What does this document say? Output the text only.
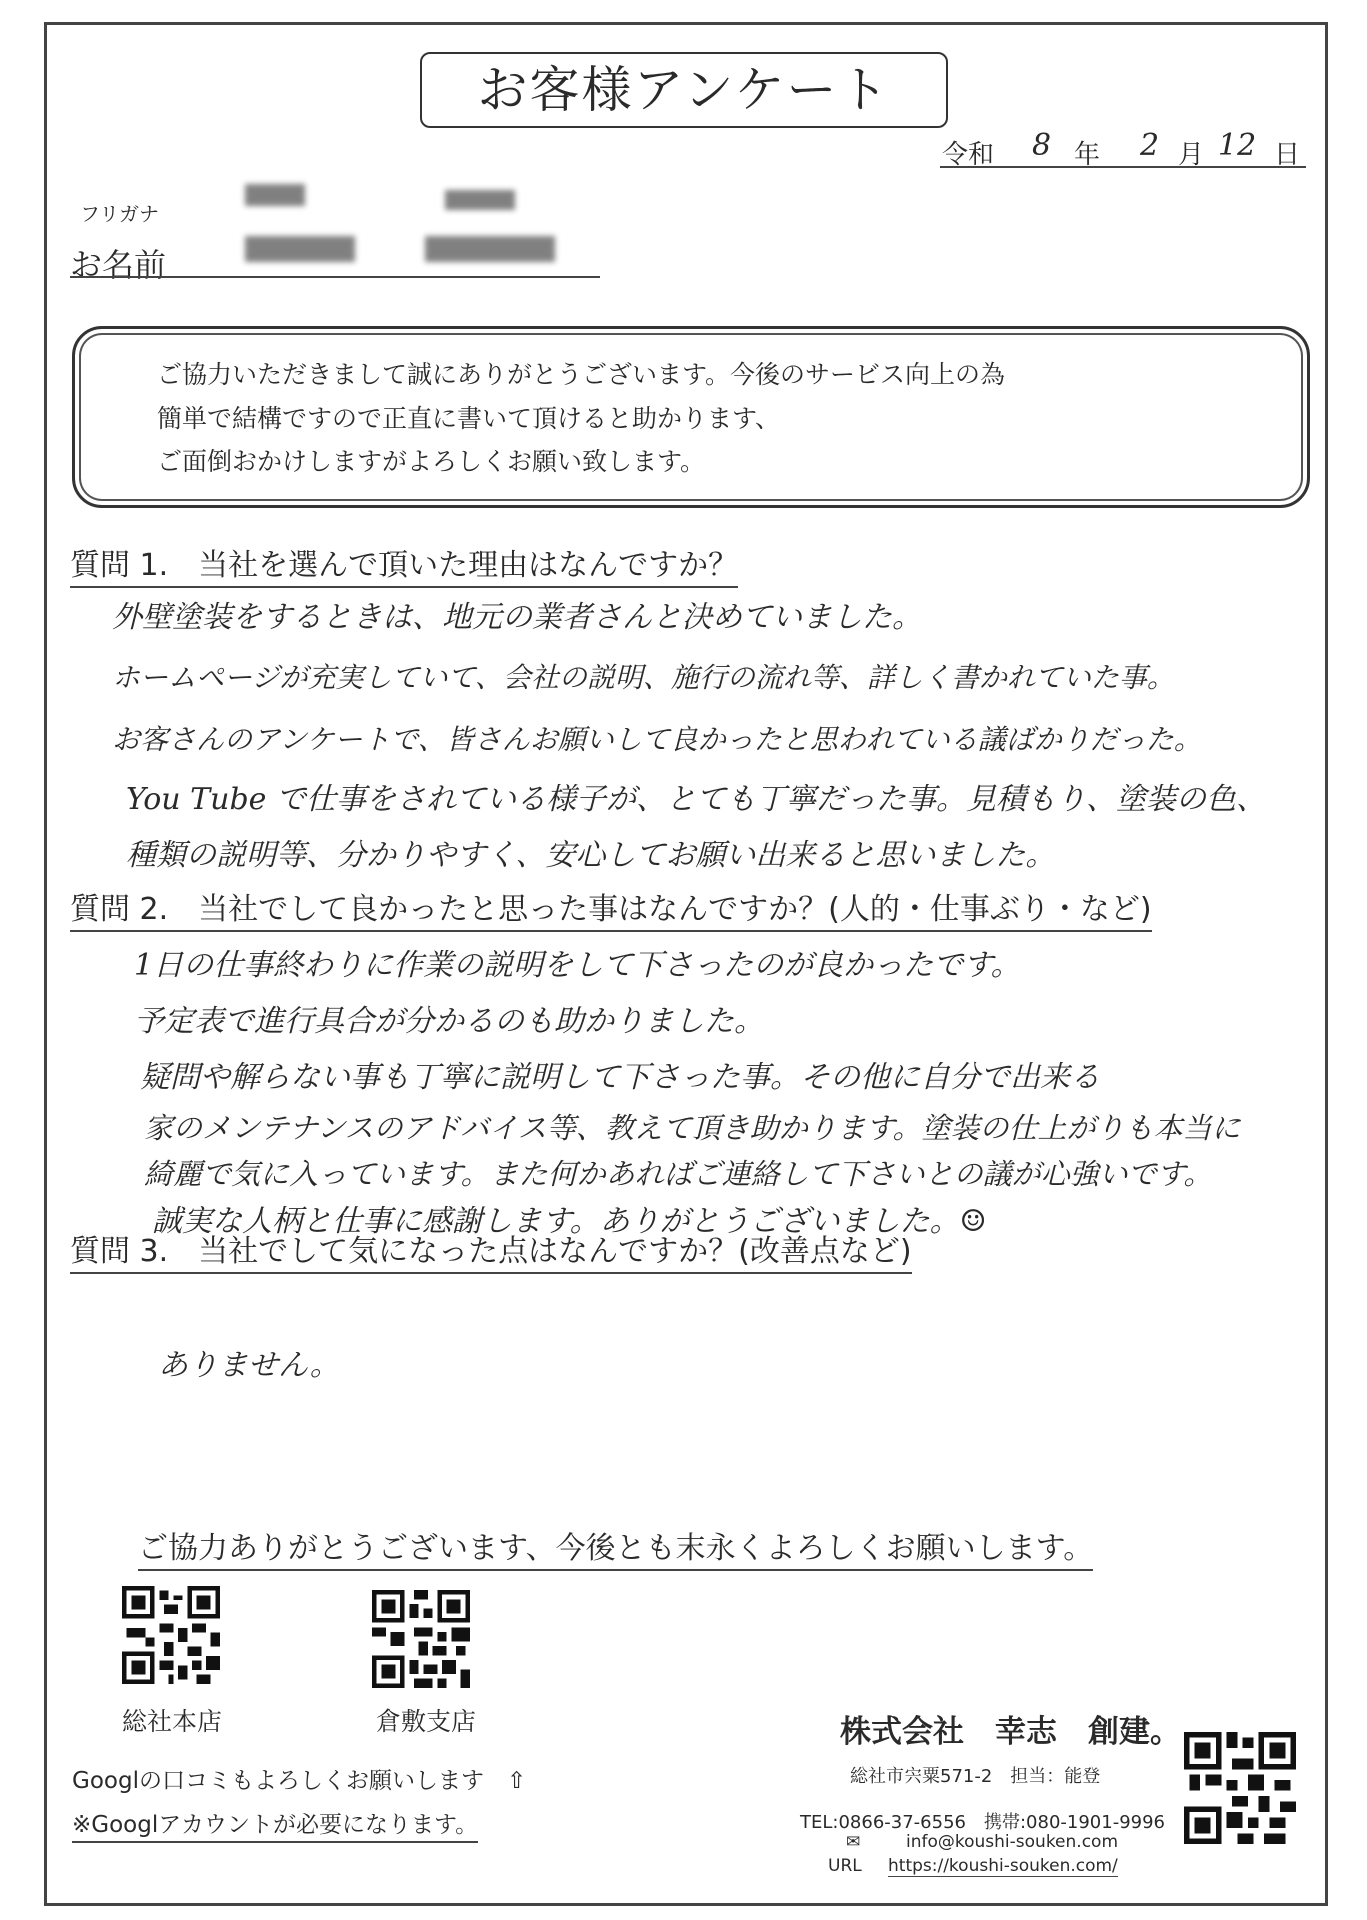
お客様アンケート
令和 8 年 2 月 12 日
フリガナ
お名前

ご協力いただきまして誠にありがとうございます。今後のサービス向上の為

簡単で結構ですので正直に書いて頂けると助かります、

ご面倒おかけしますがよろしくお願い致します。

質問 1.　当社を選んで頂いた理由はなんですか？
外壁塗装をするときは、地元の業者さんと決めていました。
ホームページが充実していて、会社の説明、施行の流れ等、詳しく書かれていた事。
お客さんのアンケートで、皆さんお願いして良かったと思われている議ばかりだった。
You Tube で仕事をされている様子が、とても丁寧だった事。見積もり、塗装の色、
種類の説明等、分かりやすく、安心してお願い出来ると思いました。
質問 2.　当社でして良かったと思った事はなんですか？(人的・仕事ぶり・など)
1日の仕事終わりに作業の説明をして下さったのが良かったです。
予定表で進行具合が分かるのも助かりました。
疑問や解らない事も丁寧に説明して下さった事。その他に自分で出来る
家のメンテナンスのアドバイス等、教えて頂き助かります。塗装の仕上がりも本当に
綺麗で気に入っています。また何かあればご連絡して下さいとの議が心強いです。
誠実な人柄と仕事に感謝します。ありがとうございました。☺
質問 3.　当社でして気になった点はなんですか？(改善点など)
ありません。
ご協力ありがとうございます、今後とも末永くよろしくお願いします。
総社本店	倉敷支店
Googlの口コミもよろしくお願いします　⇧
※Googlアカウントが必要になります。
株式会社　幸志　創建。
総社市宍粟571-2　担当：能登
TEL:0866-37-6556　携帯:080-1901-9996
✉	info@koushi-souken.com
URL https://koushi-souken.com/
